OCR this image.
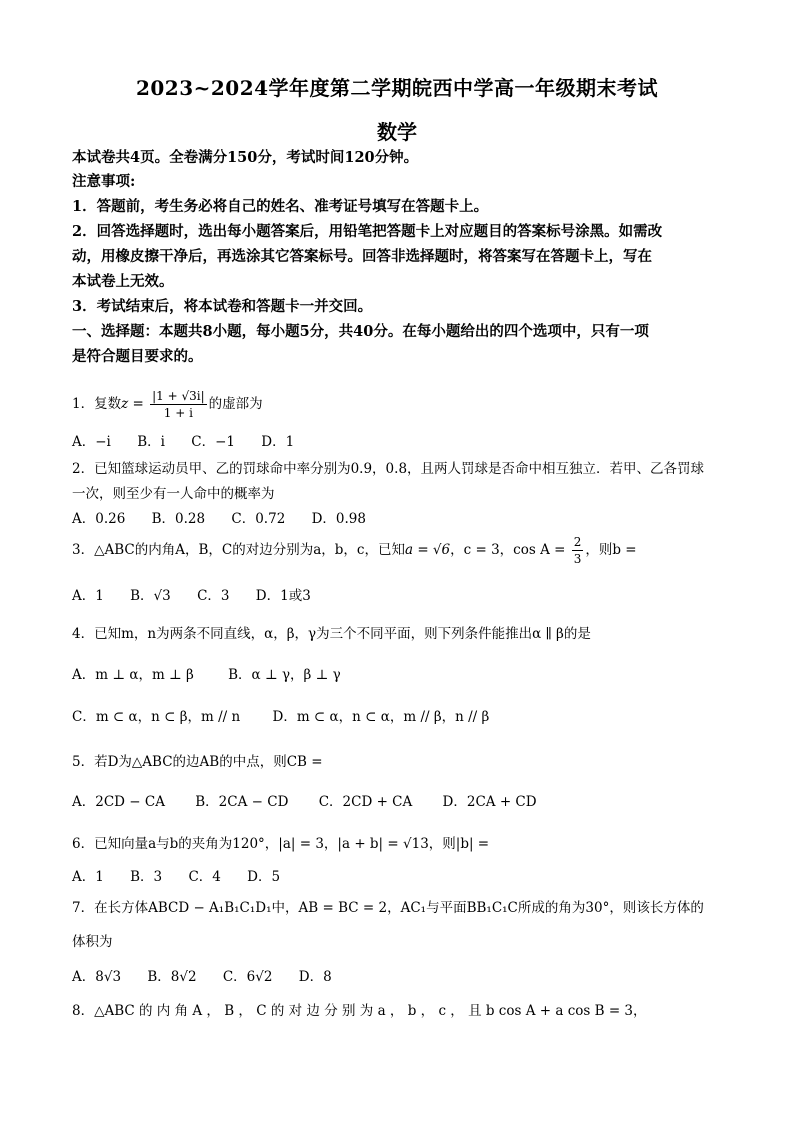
2023~2024学年度第二学期皖西中学高一年级期末考试
数学
本试卷共4页。全卷满分150分，考试时间120分钟。
注意事项:
1．答题前，考生务必将自己的姓名、准考证号填写在答题卡上。
2．回答选择题时，选出每小题答案后，用铅笔把答题卡上对应题目的答案标号涂黑。如需改
动，用橡皮擦干净后，再选涂其它答案标号。回答非选择题时，将答案写在答题卡上，写在
本试卷上无效。
3．考试结束后，将本试卷和答题卡一并交回。
一、选择题：本题共8小题，每小题5分，共40分。在每小题给出的四个选项中，只有一项
是符合题目要求的。
1．复数$z = \frac{|1 + √3i|}{1 + i}$ 的虚部为
A．−i B．i C．−1 D．1
2．已知篮球运动员甲、乙的罚球命中率分别为0.9，0.8，且两人罚球是否命中相互独立．若甲、乙各罚球
一次，则至少有一人命中的概率为
A．0.26 B．0.28 C．0.72 D．0.98
3．△ABC的内角A，B，C的对边分别为a，b，c，已知a = √6，c = 3，$\cos A = \frac{2}{3}$ ，则b =
A．1 B．√3 C．3 D．1或3
4．已知m，n为两条不同直线，α，β，γ为三个不同平面，则下列条件能推出α ∥ β的是
A．m ⊥ α，m ⊥ β	B．α ⊥ γ，β ⊥ γ
C．m ⊂ α，n ⊂ β，m // n D．m ⊂ α，n ⊂ α，m // β，n // β
5．若D为△ABC的边AB的中点，则CB =
A．2CD − CA B．2CA − CD C．2CD + CA D．2CA + CD
6．已知向量a与b的夹角为120°，|a| = 3，|a + b| = √13，则|b| =
A．1 B．3 C．4 D．5
7．在长方体ABCD − A₁B₁C₁D₁中，AB = BC = 2，AC₁与平面BB₁C₁C所成的角为30°，则该长方体的
体积为
A．8√3 B．8√2 C．6√2 D．8
8．△ABC 的 内 角 A ， B ， C 的 对 边 分 别 为 a ， b ， c ， 且 b cos A + a cos B = 3，
